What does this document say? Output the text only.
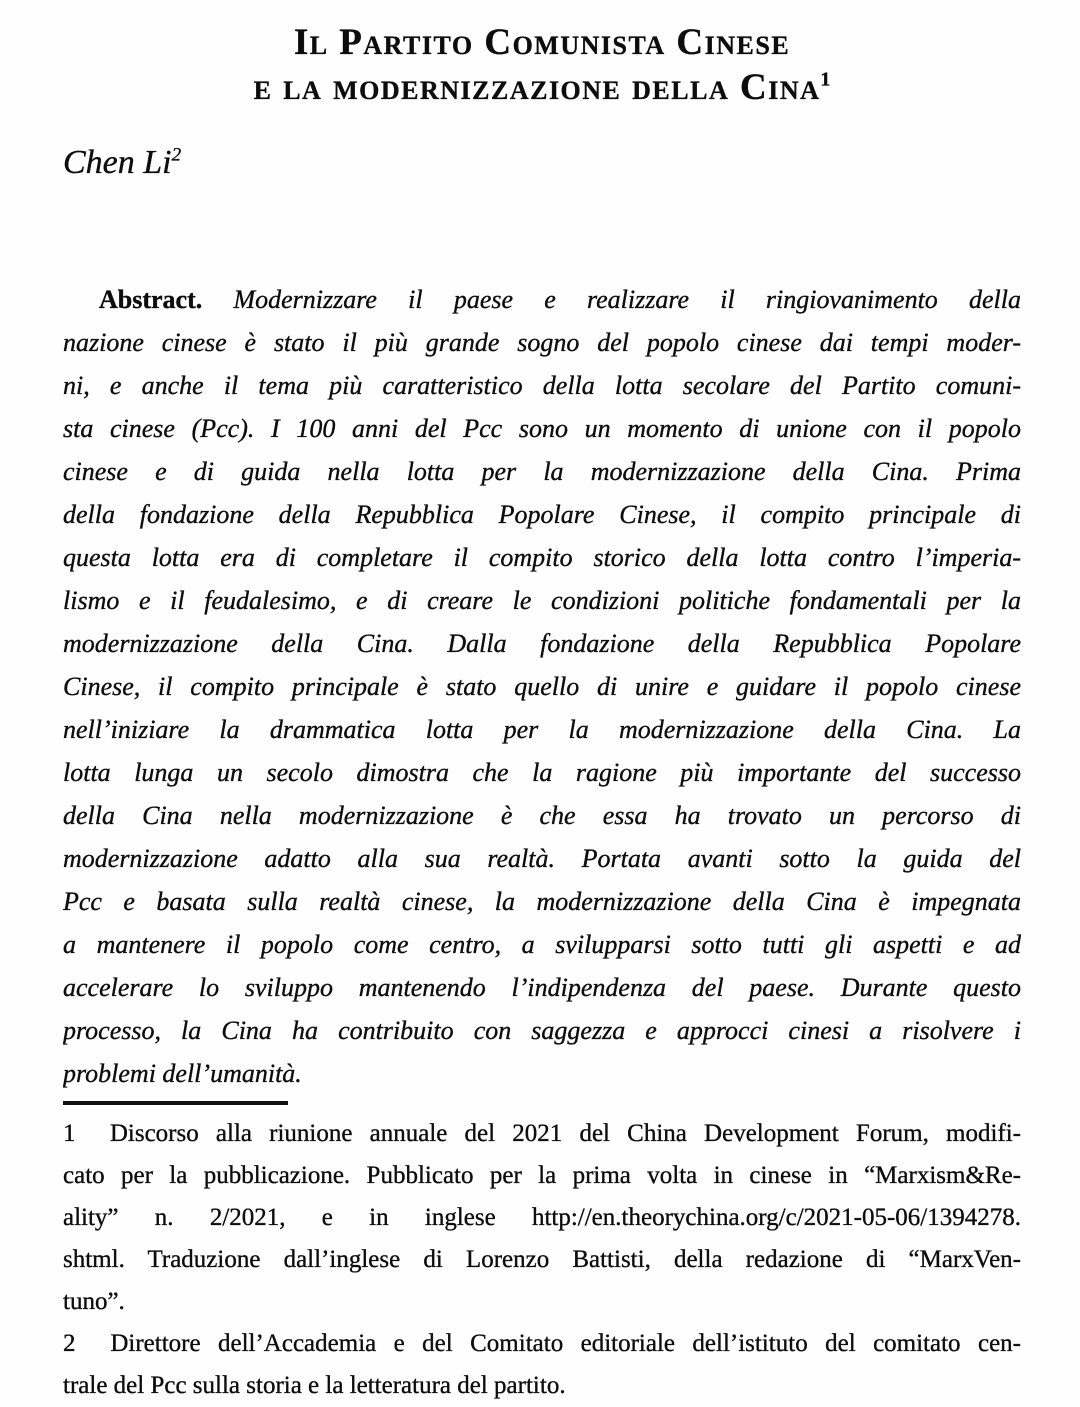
Il Partito Comunista Cinese
e la modernizzazione della Cina$^1$
Chen Li$^2$
Abstract. Modernizzare il paese e realizzare il ringiovanimento della
nazione cinese è stato il più grande sogno del popolo cinese dai tempi moder-
ni, e anche il tema più caratteristico della lotta secolare del Partito comuni-
sta cinese (Pcc). I 100 anni del Pcc sono un momento di unione con il popolo
cinese e di guida nella lotta per la modernizzazione della Cina. Prima
della fondazione della Repubblica Popolare Cinese, il compito principale di
questa lotta era di completare il compito storico della lotta contro l’imperia-
lismo e il feudalesimo, e di creare le condizioni politiche fondamentali per la
modernizzazione della Cina. Dalla fondazione della Repubblica Popolare
Cinese, il compito principale è stato quello di unire e guidare il popolo cinese
nell’iniziare la drammatica lotta per la modernizzazione della Cina. La
lotta lunga un secolo dimostra che la ragione più importante del successo
della Cina nella modernizzazione è che essa ha trovato un percorso di
modernizzazione adatto alla sua realtà. Portata avanti sotto la guida del
Pcc e basata sulla realtà cinese, la modernizzazione della Cina è impegnata
a mantenere il popolo come centro, a svilupparsi sotto tutti gli aspetti e ad
accelerare lo sviluppo mantenendo l’indipendenza del paese. Durante questo
processo, la Cina ha contribuito con saggezza e approcci cinesi a risolvere i
problemi dell’umanità.
1  Discorso alla riunione annuale del 2021 del China Development Forum, modifi-
cato per la pubblicazione. Pubblicato per la prima volta in cinese in “Marxism&Re-
ality” n. 2/2021, e in inglese http://en.theorychina.org/c/2021-05-06/1394278.
shtml. Traduzione dall’inglese di Lorenzo Battisti, della redazione di “MarxVen-
tuno”.
2  Direttore dell’Accademia e del Comitato editoriale dell’istituto del comitato cen-
trale del Pcc sulla storia e la letteratura del partito.
